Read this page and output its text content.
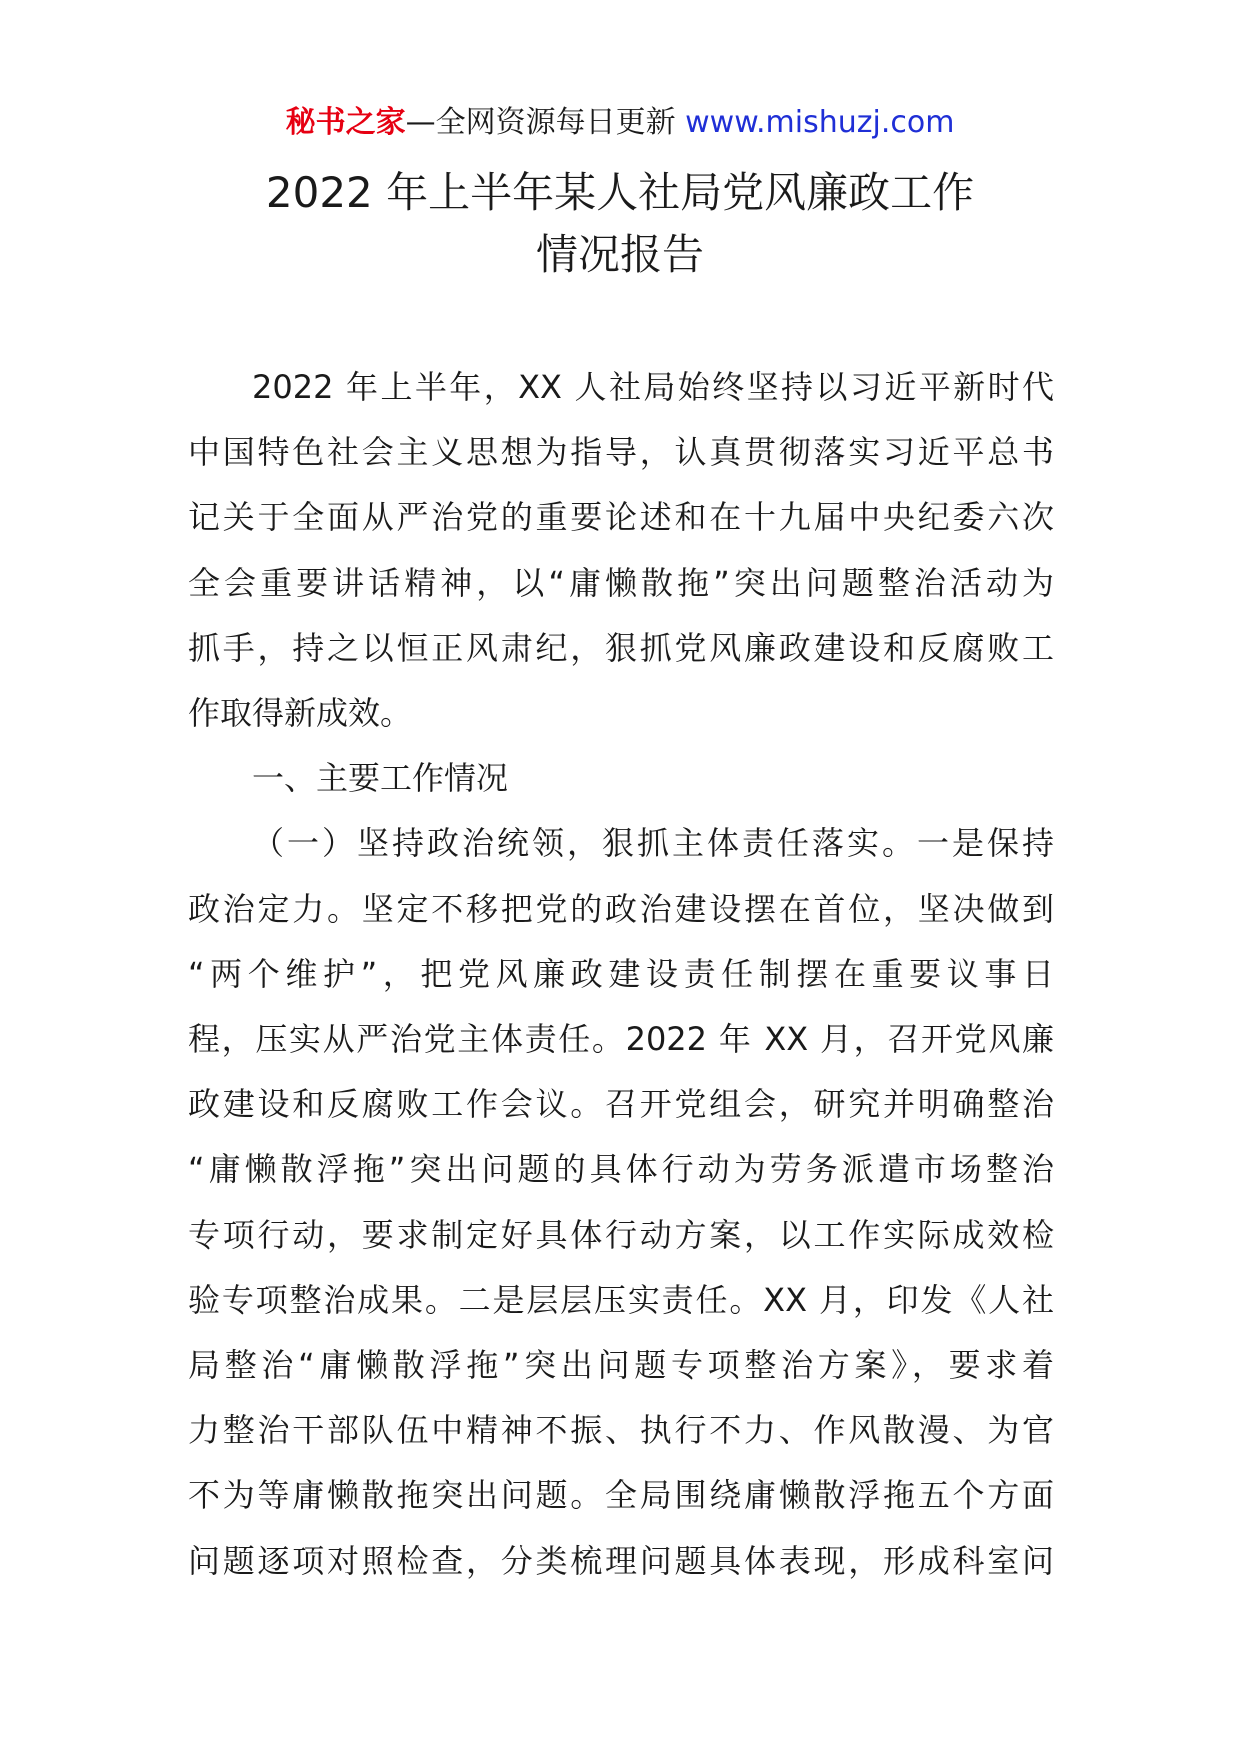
秘书之家—全网资源每日更新 www.mishuzj.com
2022 年上半年某人社局党风廉政工作
情况报告
2022 年上半年，XX 人社局始终坚持以习近平新时代
中国特色社会主义思想为指导，认真贯彻落实习近平总书
记关于全面从严治党的重要论述和在十九届中央纪委六次
全会重要讲话精神，以“庸懒散拖”突出问题整治活动为
抓手，持之以恒正风肃纪，狠抓党风廉政建设和反腐败工
作取得新成效。
一、主要工作情况
（一）坚持政治统领，狠抓主体责任落实。一是保持
政治定力。坚定不移把党的政治建设摆在首位，坚决做到
“两个维护”，把党风廉政建设责任制摆在重要议事日
程，压实从严治党主体责任。2022 年 XX 月，召开党风廉
政建设和反腐败工作会议。召开党组会，研究并明确整治
“庸懒散浮拖”突出问题的具体行动为劳务派遣市场整治
专项行动，要求制定好具体行动方案，以工作实际成效检
验专项整治成果。二是层层压实责任。XX 月，印发《人社
局整治“庸懒散浮拖”突出问题专项整治方案》，要求着
力整治干部队伍中精神不振、执行不力、作风散漫、为官
不为等庸懒散拖突出问题。全局围绕庸懒散浮拖五个方面
问题逐项对照检查，分类梳理问题具体表现，形成科室问
